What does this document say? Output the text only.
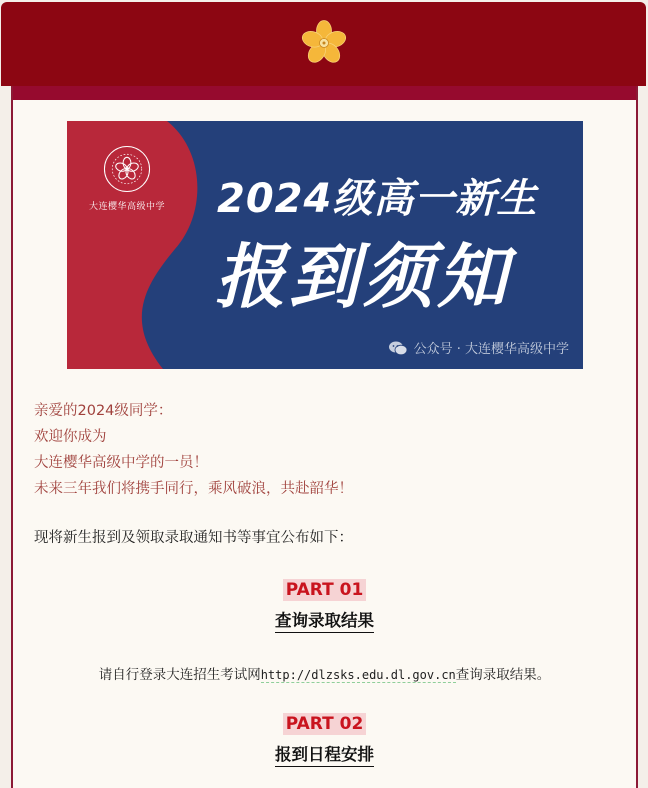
大连樱华高级中学	2024级高一新生
报到须知
公众号 · 大连樱华高级中学

亲爱的2024级同学：

欢迎你成为

大连樱华高级中学的一员！

未来三年我们将携手同行，乘风破浪，共赴韶华！

现将新生报到及领取录取通知书等事宜公布如下：

PART 01
查询录取结果

请自行登录大连招生考试网http://dlzsks.edu.dl.gov.cn查询录取结果。

PART 02
报到日程安排
